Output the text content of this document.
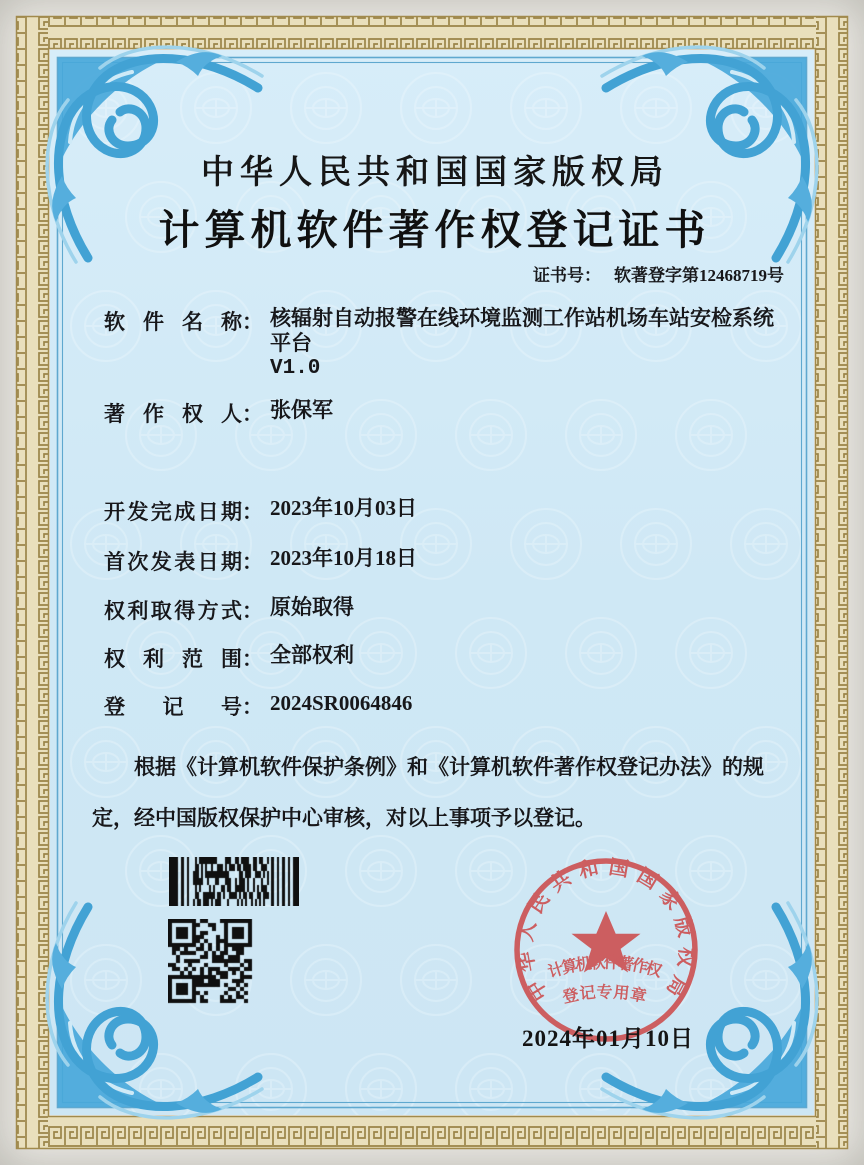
中华人民共和国国家版权局
计算机软件著作权登记证书
证书号： 软著登字第12468719号
软件名称： 核辐射自动报警在线环境监测工作站机场车站安检系统平台
V1.0
著作权人： 张保军
开发完成日期： 2023年10月03日
首次发表日期： 2023年10月18日
权利取得方式： 原始取得
权利范围： 全部权利
登记号： 2024SR0064846
根据《计算机软件保护条例》和《计算机软件著作权登记办法》的规定，经中国版权保护中心审核，对以上事项予以登记。
中华人民共和国国家版权局
计算机软件著作权
登记专用章
2024年01月10日
